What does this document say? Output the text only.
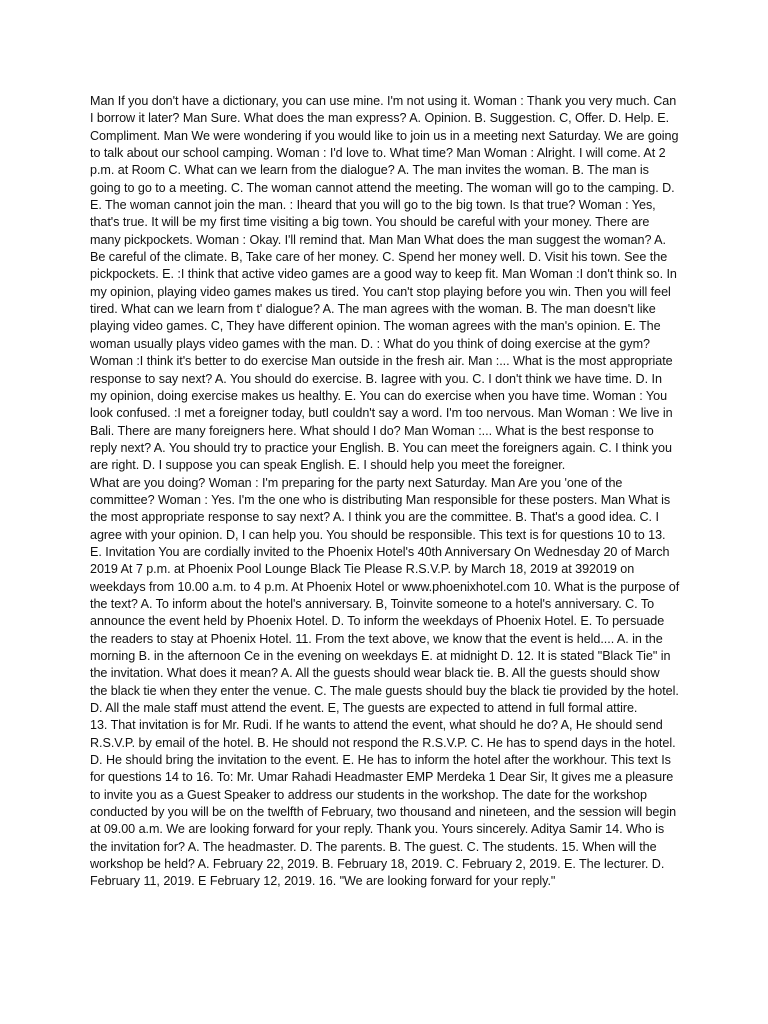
Man If you don't have a dictionary, you can use mine. I'm not using it. Woman : Thank you very much. Can I borrow it later? Man Sure. What does the man express? A. Opinion. B. Suggestion. C, Offer. D. Help. E. Compliment. Man We were wondering if you would like to join us in a meeting next Saturday. We are going to talk about our school camping. Woman : I'd love to. What time? Man Woman : Alright. I will come. At 2 p.m. at Room C. What can we learn from the dialogue? A. The man invites the woman. B. The man is going to go to a meeting. C. The woman cannot attend the meeting. The woman will go to the camping. D. E. The woman cannot join the man. : Iheard that you will go to the big town. Is that true? Woman : Yes, that's true. It will be my first time visiting a big town. You should be careful with your money. There are many pickpockets. Woman : Okay. I'll remind that. Man Man What does the man suggest the woman? A. Be careful of the climate. B, Take care of her money. C. Spend her money well. D. Visit his town. See the pickpockets. E. :I think that active video games are a good way to keep fit. Man Woman :I don't think so. In my opinion, playing video games makes us tired. You can't stop playing before you win. Then you will feel tired. What can we learn from t' dialogue? A. The man agrees with the woman. B. The man doesn't like playing video games. C, They have different opinion. The woman agrees with the man's opinion. E. The woman usually plays video games with the man. D. : What do you think of doing exercise at the gym? Woman :I think it's better to do exercise Man outside in the fresh air. Man :... What is the most appropriate response to say next? A. You should do exercise. B. Iagree with you. C. I don't think we have time. D. In my opinion, doing exercise makes us healthy. E. You can do exercise when you have time. Woman : You look confused. :I met a foreigner today, butI couldn't say a word. I'm too nervous. Man Woman : We live in Bali. There are many foreigners here. What should I do? Man Woman :... What is the best response to reply next? A. You should try to practice your English. B. You can meet the foreigners again. C. I think you are right. D. I suppose you can speak English. E. I should help you meet the foreigner.

What are you doing? Woman : I'm preparing for the party next Saturday. Man Are you 'one of the committee? Woman : Yes. I'm the one who is distributing Man responsible for these posters. Man What is the most appropriate response to say next? A. I think you are the committee. B. That's a good idea. C. I agree with your opinion. D, I can help you. You should be responsible. This text is for questions 10 to 13. E. Invitation You are cordially invited to the Phoenix Hotel's 40th Anniversary On Wednesday 20 of March 2019 At 7 p.m. at Phoenix Pool Lounge Black Tie Please R.S.V.P. by March 18, 2019 at 392019 on weekdays from 10.00 a.m. to 4 p.m. At Phoenix Hotel or www.phoenixhotel.com 10. What is the purpose of the text? A. To inform about the hotel's anniversary. B, Toinvite someone to a hotel's anniversary. C. To announce the event held by Phoenix Hotel. D. To inform the weekdays of Phoenix Hotel. E. To persuade the readers to stay at Phoenix Hotel. 11. From the text above, we know that the event is held.... A. in the morning B. in the afternoon Ce in the evening on weekdays E. at midnight D. 12. It is stated "Black Tie" in the invitation. What does it mean? A. All the guests should wear black tie. B. All the guests should show the black tie when they enter the venue. C. The male guests should buy the black tie provided by the hotel. D. All the male staff must attend the event. E, The guests are expected to attend in full formal attire.

13. That invitation is for Mr. Rudi. If he wants to attend the event, what should he do? A, He should send R.S.V.P. by email of the hotel. B. He should not respond the R.S.V.P. C. He has to spend days in the hotel. D. He should bring the invitation to the event. E. He has to inform the hotel after the workhour. This text Is for questions 14 to 16. To: Mr. Umar Rahadi Headmaster EMP Merdeka 1 Dear Sir, It gives me a pleasure to invite you as a Guest Speaker to address our students in the workshop. The date for the workshop conducted by you will be on the twelfth of February, two thousand and nineteen, and the session will begin at 09.00 a.m. We are looking forward for your reply. Thank you. Yours sincerely. Aditya Samir 14. Who is the invitation for? A. The headmaster. D. The parents. B. The guest. C. The students. 15. When will the workshop be held? A. February 22, 2019. B. February 18, 2019. C. February 2, 2019. E. The lecturer. D. February 11, 2019. E February 12, 2019. 16. "We are looking forward for your reply."
